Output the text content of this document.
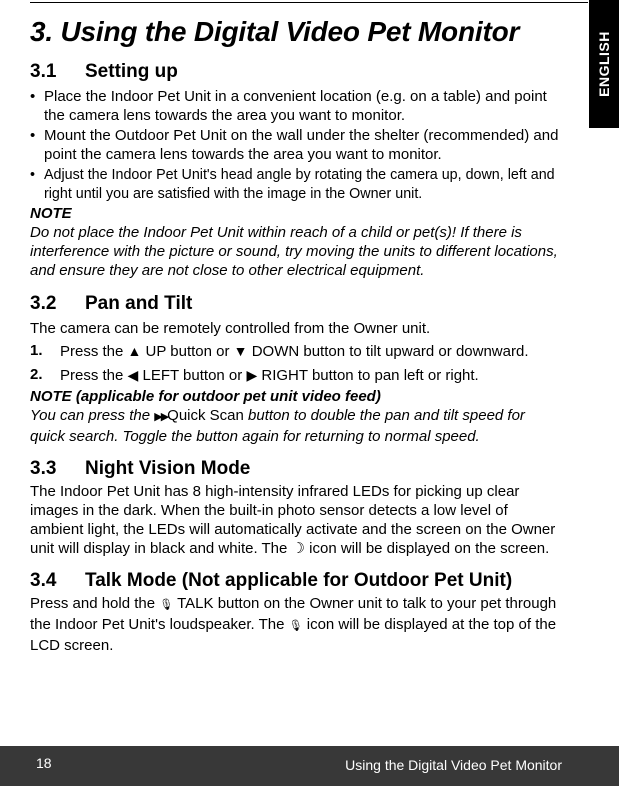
ENGLISH
3. Using the Digital Video Pet Monitor
3.1 Setting up
• Place the Indoor Pet Unit in a convenient location (e.g. on a table) and point the camera lens towards the area you want to monitor.
• Mount the Outdoor Pet Unit on the wall under the shelter (recommended) and point the camera lens towards the area you want to monitor.
• Adjust the Indoor Pet Unit's head angle by rotating the camera up, down, left and right until you are satisfied with the image in the Owner unit.
NOTE
Do not place the Indoor Pet Unit within reach of a child or pet(s)! If there is interference with the picture or sound, try moving the units to different locations, and ensure they are not close to other electrical equipment.
3.2 Pan and Tilt
The camera can be remotely controlled from the Owner unit.
1. Press the ▲ UP button or ▼ DOWN button to tilt upward or downward.
2. Press the ◀ LEFT button or ▶ RIGHT button to pan left or right.
NOTE (applicable for outdoor pet unit video feed)
You can press the ▶▶Quick Scan button to double the pan and tilt speed for quick search. Toggle the button again for returning to normal speed.
3.3 Night Vision Mode
The Indoor Pet Unit has 8 high-intensity infrared LEDs for picking up clear images in the dark. When the built-in photo sensor detects a low level of ambient light, the LEDs will automatically activate and the screen on the Owner unit will display in black and white. The ☽ icon will be displayed on the screen.
3.4 Talk Mode (Not applicable for Outdoor Pet Unit)
Press and hold the 🎙 TALK button on the Owner unit to talk to your pet through the Indoor Pet Unit's loudspeaker. The 🎙 icon will be displayed at the top of the LCD screen.
18	Using the Digital Video Pet Monitor
